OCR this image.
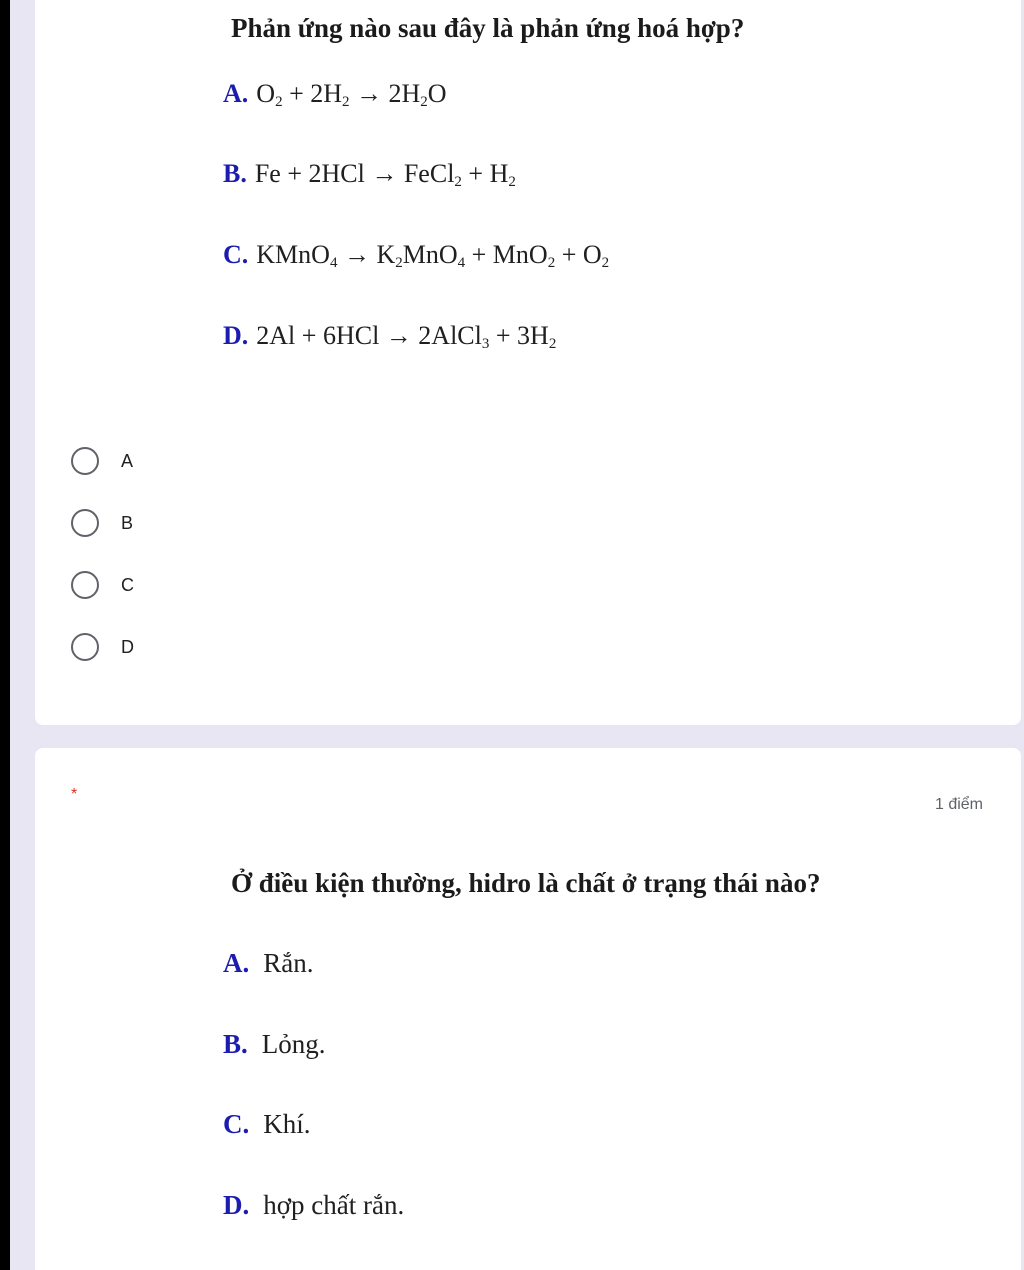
Phản ứng nào sau đây là phản ứng hoá hợp?
A. $O_2 + 2H_2 \to 2H_2O$
B. Fe + 2HCl → FeCl$_2$ + $H_2$
C. KMnO$_4$ → $K_2MnO_4 + MnO_2 + O_2$
D. 2Al + 6HCl → 2AlCl$_3$ + $3H_2$
A
B
C
D
*
1 điểm
Ở điều kiện thường, hidro là chất ở trạng thái nào?
A. Rắn.
B. Lỏng.
C. Khí.
D. hợp chất rắn.
